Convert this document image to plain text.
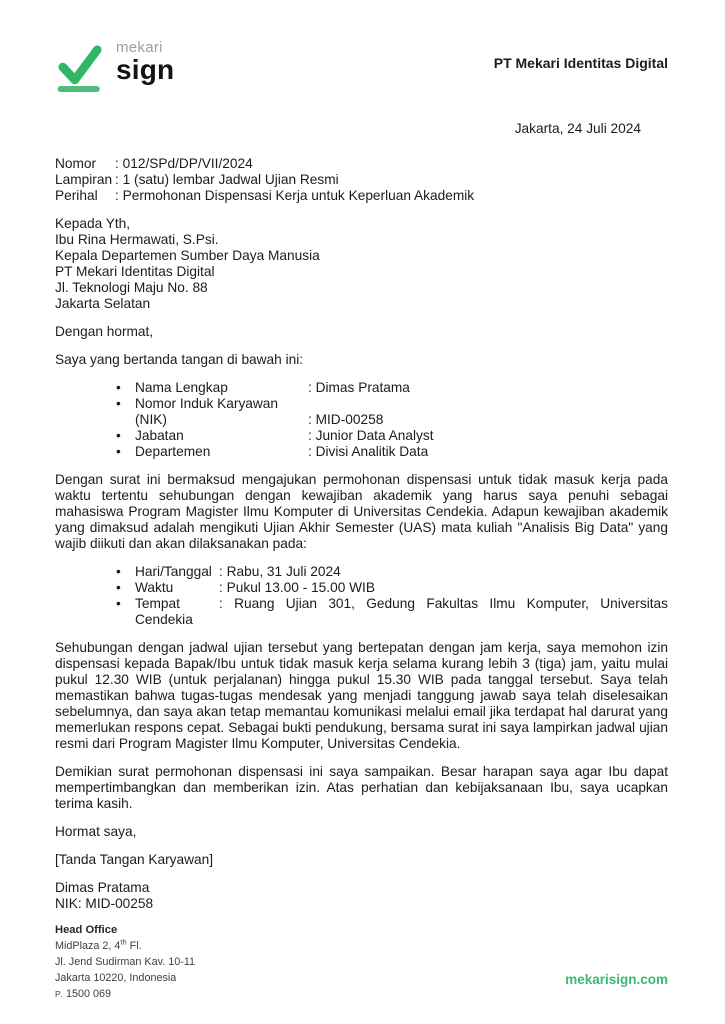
mekari
sign	PT Mekari Identitas Digital
Jakarta, 24 Juli 2024
Nomor : 012/SPd/DP/VII/2024
Lampiran : 1 (satu) lembar Jadwal Ujian Resmi
Perihal : Permohonan Dispensasi Kerja untuk Keperluan Akademik
Kepada Yth,
Ibu Rina Hermawati, S.Psi.
Kepala Departemen Sumber Daya Manusia
PT Mekari Identitas Digital
Jl. Teknologi Maju No. 88
Jakarta Selatan

Dengan hormat,

Saya yang bertanda tangan di bawah ini:

• Nama Lengkap	: Dimas Pratama
• Nomor Induk Karyawan (NIK)	: MID-00258
• Jabatan	: Junior Data Analyst
• Departemen	: Divisi Analitik Data

Dengan surat ini bermaksud mengajukan permohonan dispensasi untuk tidak masuk kerja pada waktu tertentu sehubungan dengan kewajiban akademik yang harus saya penuhi sebagai mahasiswa Program Magister Ilmu Komputer di Universitas Cendekia. Adapun kewajiban akademik yang dimaksud adalah mengikuti Ujian Akhir Semester (UAS) mata kuliah "Analisis Big Data" yang wajib diikuti dan akan dilaksanakan pada:

• Hari/Tanggal : Rabu, 31 Juli 2024
• Waktu	: Pukul 13.00 - 15.00 WIB
• Tempat	: Ruang Ujian 301, Gedung Fakultas Ilmu Komputer, Universitas Cendekia

Sehubungan dengan jadwal ujian tersebut yang bertepatan dengan jam kerja, saya memohon izin dispensasi kepada Bapak/Ibu untuk tidak masuk kerja selama kurang lebih 3 (tiga) jam, yaitu mulai pukul 12.30 WIB (untuk perjalanan) hingga pukul 15.30 WIB pada tanggal tersebut. Saya telah memastikan bahwa tugas-tugas mendesak yang menjadi tanggung jawab saya telah diselesaikan sebelumnya, dan saya akan tetap memantau komunikasi melalui email jika terdapat hal darurat yang memerlukan respons cepat. Sebagai bukti pendukung, bersama surat ini saya lampirkan jadwal ujian resmi dari Program Magister Ilmu Komputer, Universitas Cendekia.

Demikian surat permohonan dispensasi ini saya sampaikan. Besar harapan saya agar Ibu dapat mempertimbangkan dan memberikan izin. Atas perhatian dan kebijaksanaan Ibu, saya ucapkan terima kasih.

Hormat saya,

[Tanda Tangan Karyawan]

Dimas Pratama
NIK: MID-00258
Head Office
MidPlaza 2, 4th Fl.
Jl. Jend Sudirman Kav. 10-11
Jakarta 10220, Indonesia
P. 1500 069
mekarisign.com
